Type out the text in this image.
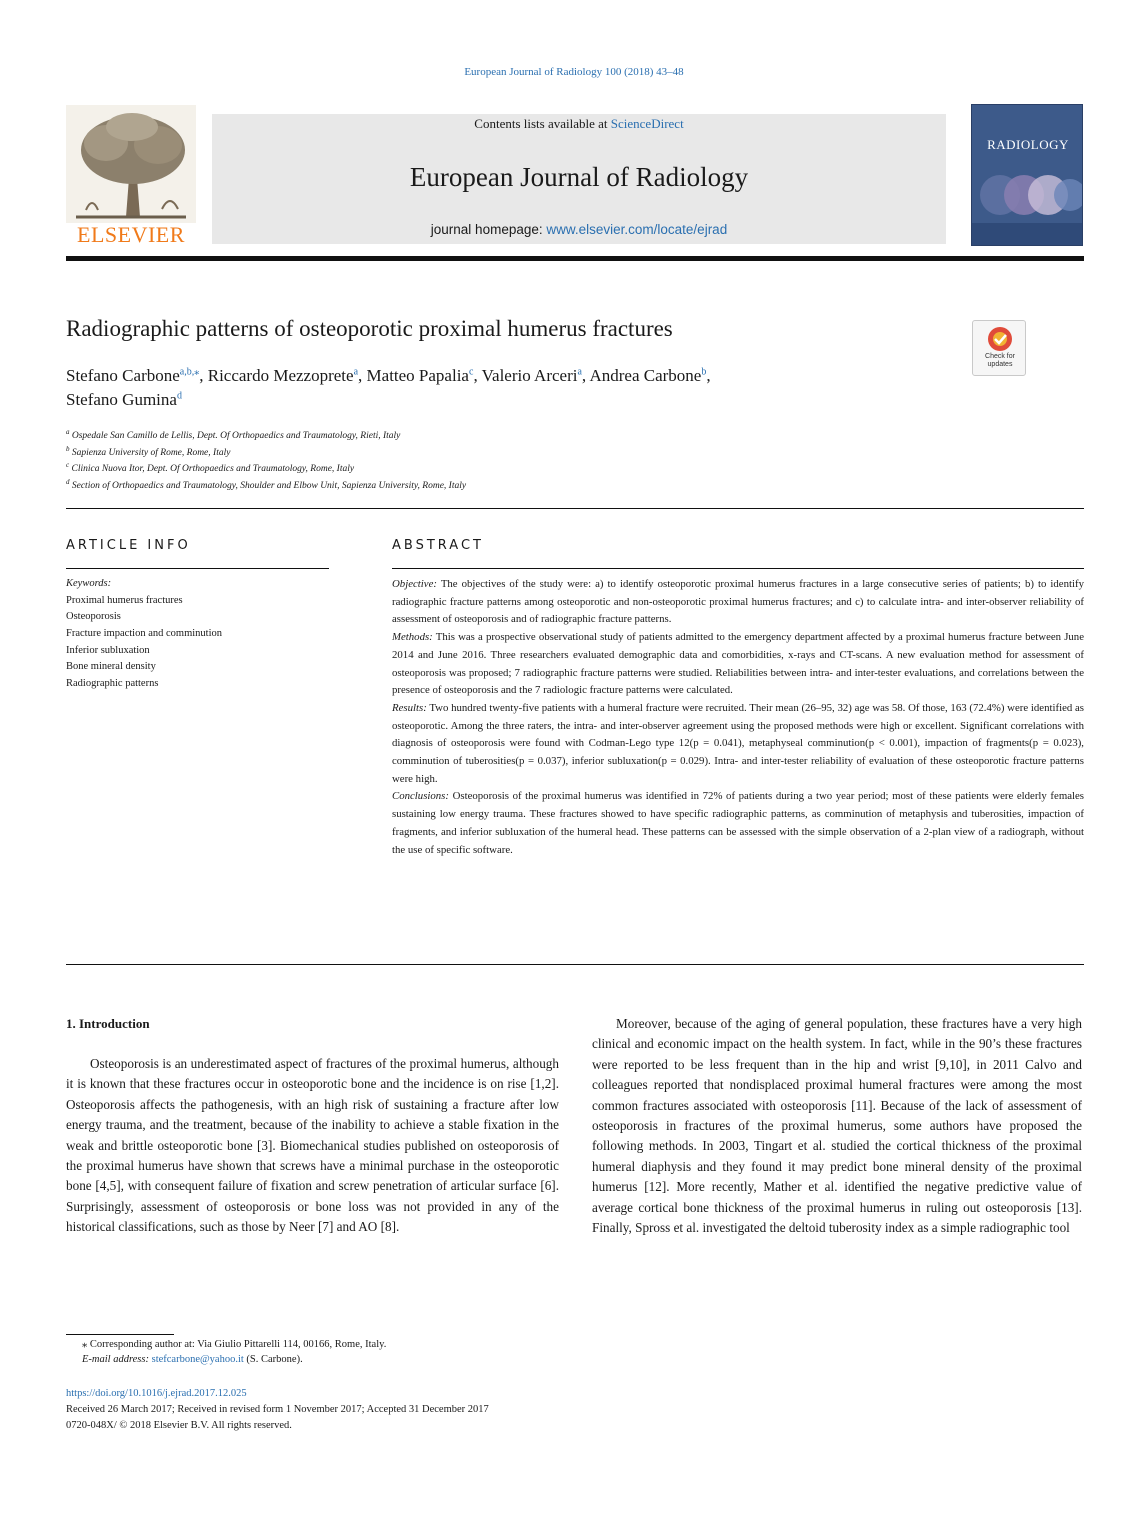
European Journal of Radiology 100 (2018) 43–48
ELSEVIER
Contents lists available at ScienceDirect
European Journal of Radiology
journal homepage: www.elsevier.com/locate/ejrad
RADIOLOGY
Radiographic patterns of osteoporotic proximal humerus fractures
Check for
updates
Stefano Carbone$^{a,b,⁎}$, Riccardo Mezzoprete$^a$, Matteo Papalia$^c$, Valerio Arceri$^a$, Andrea Carbone$^b$,
Stefano Gumina$^d$
$^a$ Ospedale San Camillo de Lellis, Dept. Of Orthopaedics and Traumatology, Rieti, Italy
$^b$ Sapienza University of Rome, Rome, Italy
$^c$ Clinica Nuova Itor, Dept. Of Orthopaedics and Traumatology, Rome, Italy
$^d$ Section of Orthopaedics and Traumatology, Shoulder and Elbow Unit, Sapienza University, Rome, Italy
ARTICLE INFO
Keywords:
Proximal humerus fractures
Osteoporosis
Fracture impaction and comminution
Inferior subluxation
Bone mineral density
Radiographic patterns
ABSTRACT

Objective: The objectives of the study were: a) to identify osteoporotic proximal humerus fractures in a large consecutive series of patients; b) to identify radiographic fracture patterns among osteoporotic and non-osteoporotic proximal humerus fractures; and c) to calculate intra- and inter-observer reliability of assessment of osteoporosis and of radiographic fracture patterns.

Methods: This was a prospective observational study of patients admitted to the emergency department affected by a proximal humerus fracture between June 2014 and June 2016. Three researchers evaluated demographic data and comorbidities, x-rays and CT-scans. A new evaluation method for assessment of osteoporosis was proposed; 7 radiographic fracture patterns were studied. Reliabilities between intra- and inter-tester evaluations, and correlations between the presence of osteoporosis and the 7 radiologic fracture patterns were calculated.

Results: Two hundred twenty-five patients with a humeral fracture were recruited. Their mean (26–95, 32) age was 58. Of those, 163 (72.4%) were identified as osteoporotic. Among the three raters, the intra- and inter-observer agreement using the proposed methods were high or excellent. Significant correlations with diagnosis of osteoporosis were found with Codman-Lego type 12(p = 0.041), metaphyseal comminution(p < 0.001), impaction of fragments(p = 0.023), comminution of tuberosities(p = 0.037), inferior subluxation(p = 0.029). Intra- and inter-tester reliability of evaluation of these osteoporotic fracture patterns were high.

Conclusions: Osteoporosis of the proximal humerus was identified in 72% of patients during a two year period; most of these patients were elderly females sustaining low energy trauma. These fractures showed to have specific radiographic patterns, as comminution of metaphysis and tuberosities, impaction of fragments, and inferior subluxation of the humeral head. These patterns can be assessed with the simple observation of a 2-plan view of a radiograph, without the use of specific software.

1. Introduction
Osteoporosis is an underestimated aspect of fractures of the proximal humerus, although it is known that these fractures occur in osteoporotic bone and the incidence is on rise [1,2]. Osteoporosis affects the pathogenesis, with an high risk of sustaining a fracture after low energy trauma, and the treatment, because of the inability to achieve a stable fixation in the weak and brittle osteoporotic bone [3]. Biomechanical studies published on osteoporosis of the proximal humerus have shown that screws have a minimal purchase in the osteoporotic bone [4,5], with consequent failure of fixation and screw penetration of articular surface [6]. Surprisingly, assessment of osteoporosis or bone loss was not provided in any of the historical classifications, such as those by Neer [7] and AO [8].
Moreover, because of the aging of general population, these fractures have a very high clinical and economic impact on the health system. In fact, while in the 90’s these fractures were reported to be less frequent than in the hip and wrist [9,10], in 2011 Calvo and colleagues reported that nondisplaced proximal humeral fractures were among the most common fractures associated with osteoporosis [11]. Because of the lack of assessment of osteoporosis in fractures of the proximal humerus, some authors have proposed the following methods. In 2003, Tingart et al. studied the cortical thickness of the proximal humeral diaphysis and they found it may predict bone mineral density of the proximal humerus [12]. More recently, Mather et al. identified the negative predictive value of average cortical bone thickness of the proximal humerus in ruling out osteoporosis [13]. Finally, Spross et al. investigated the deltoid tuberosity index as a simple radiographic tool
⁎ Corresponding author at: Via Giulio Pittarelli 114, 00166, Rome, Italy.
E-mail address: stefcarbone@yahoo.it (S. Carbone).
https://doi.org/10.1016/j.ejrad.2017.12.025
Received 26 March 2017; Received in revised form 1 November 2017; Accepted 31 December 2017
0720-048X/ © 2018 Elsevier B.V. All rights reserved.
